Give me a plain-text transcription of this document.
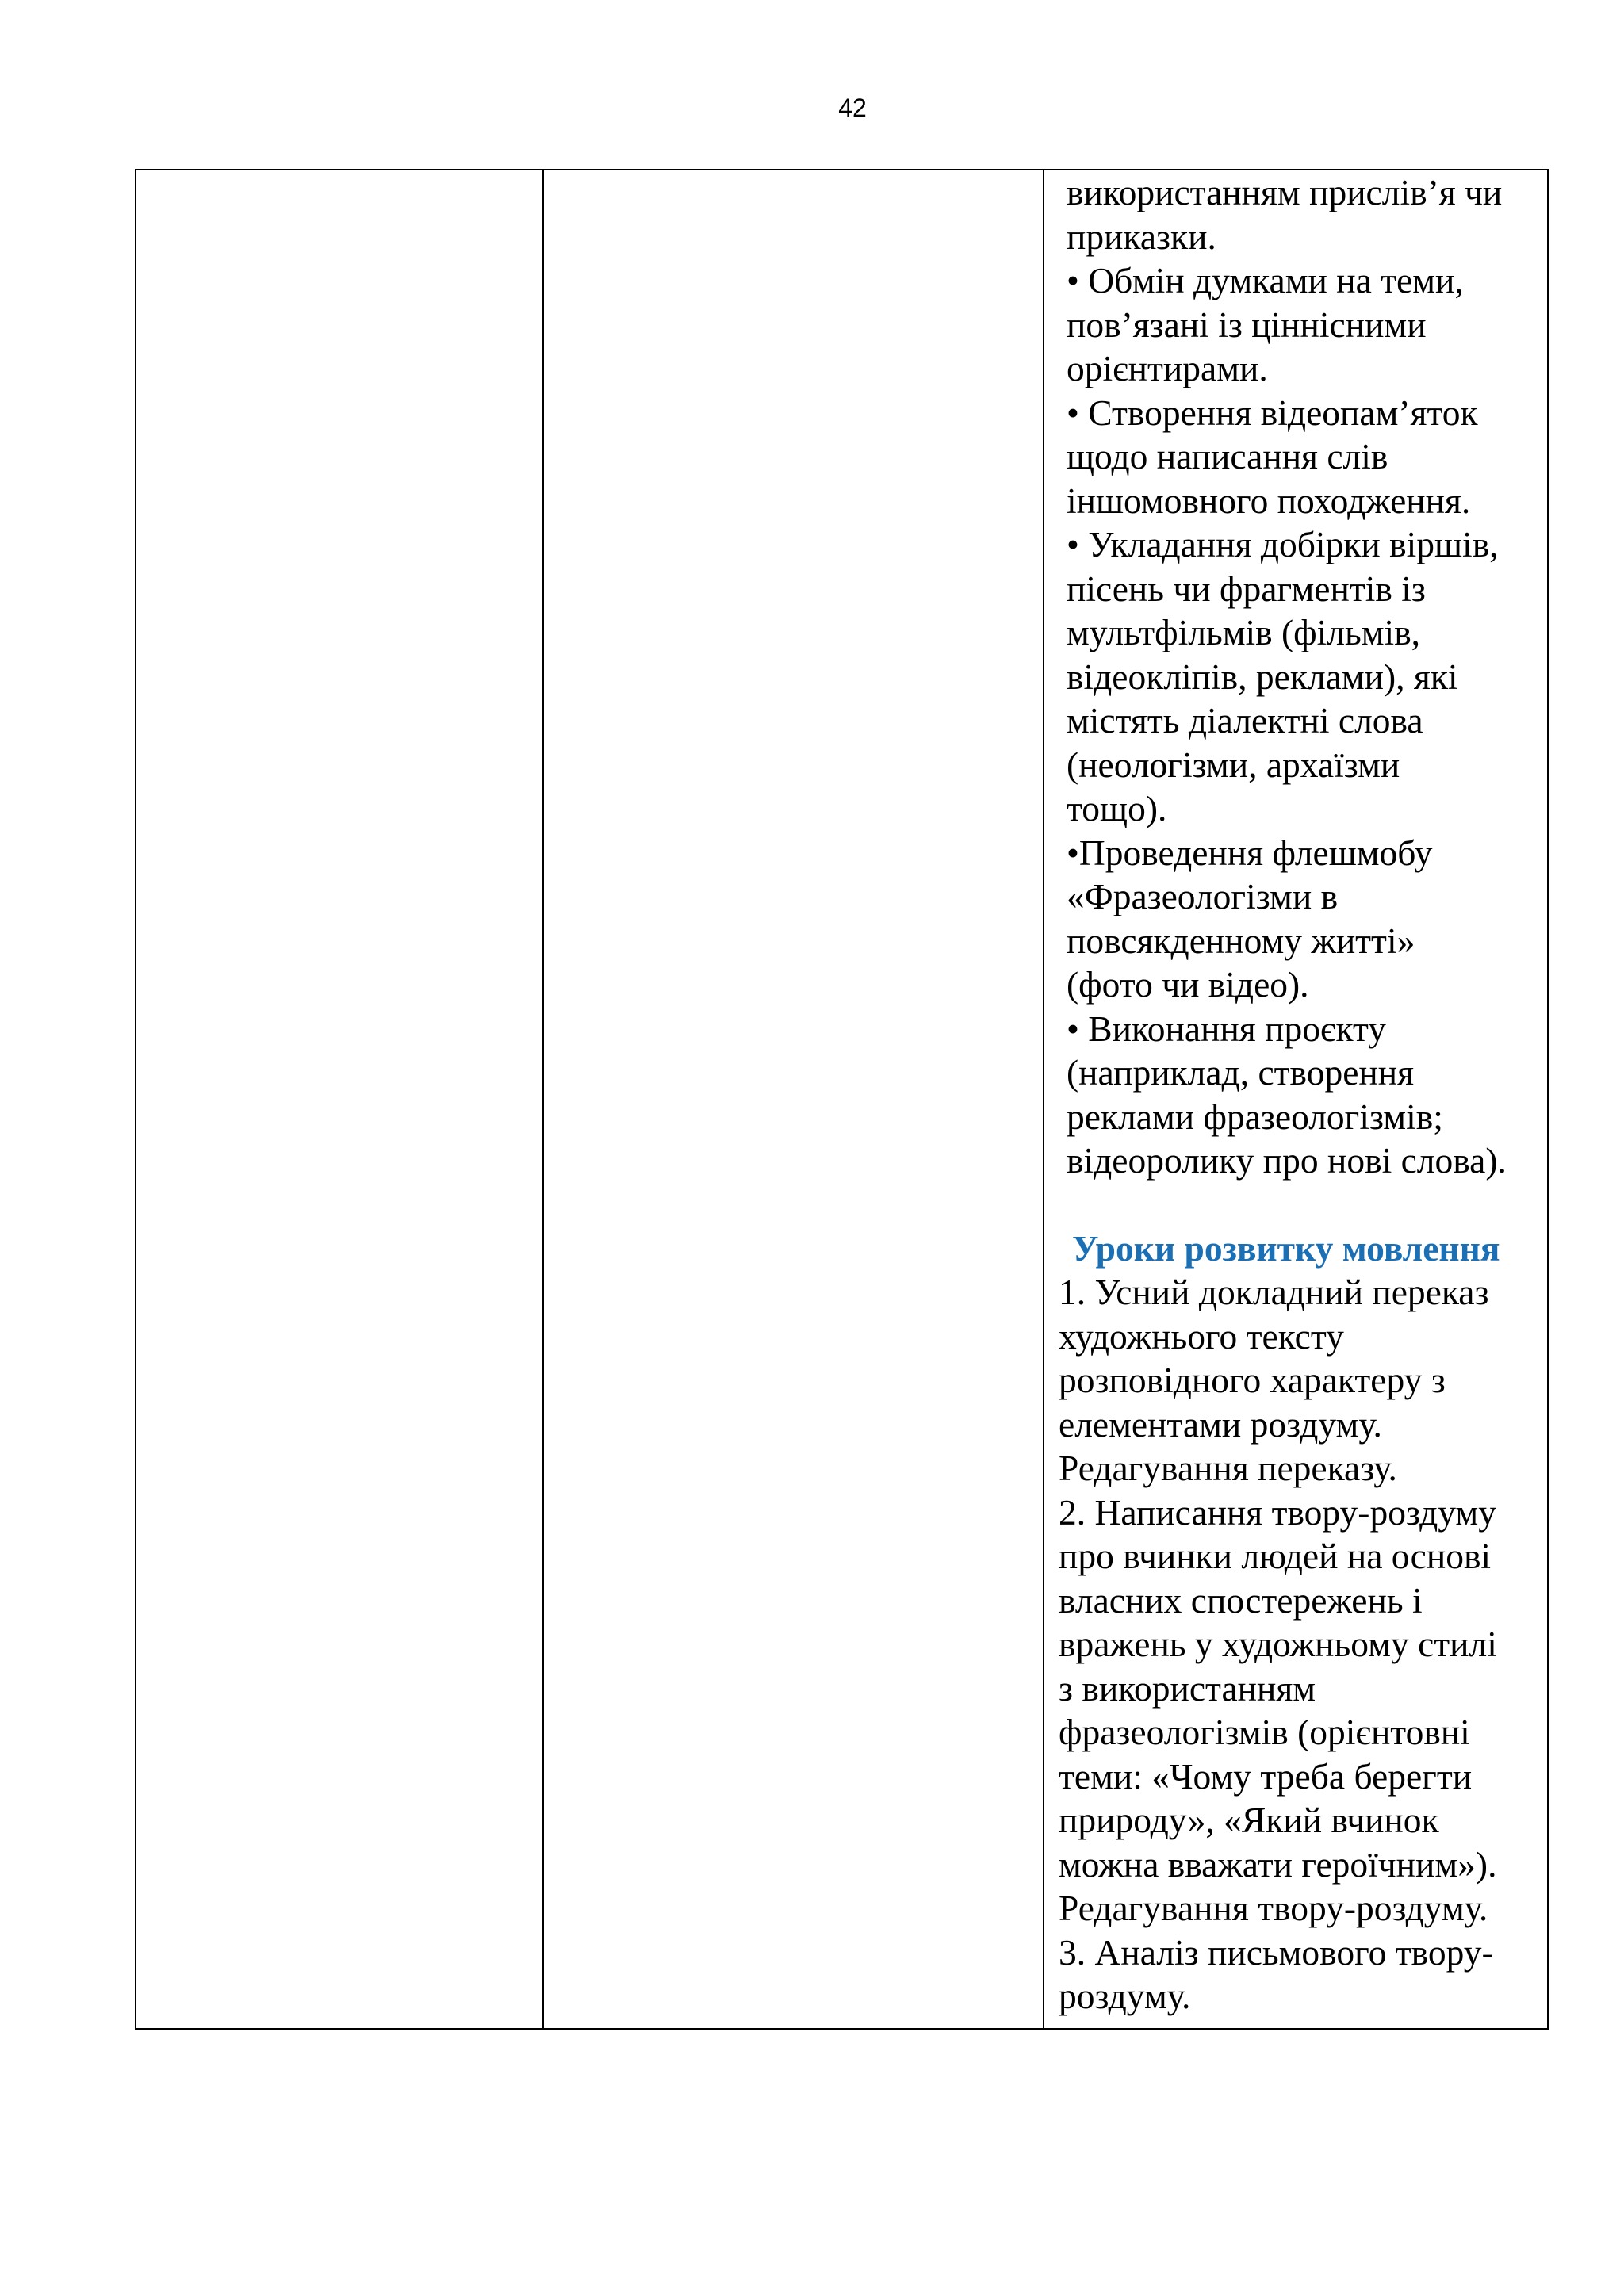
42

використанням прислів’я чи
приказки.
• Обмін думками на теми,
пов’язані із ціннісними
орієнтирами.
• Створення відеопам’яток
щодо написання слів
іншомовного походження.
• Укладання добірки віршів,
пісень чи фрагментів із
мультфільмів (фільмів,
відеокліпів, реклами), які
містять діалектні слова
(неологізми, архаїзми
тощо).
•Проведення флешмобу
«Фразеологізми в
повсякденному житті»
(фото чи відео).
• Виконання проєкту
(наприклад, створення
реклами фразеологізмів;
відеоролику про нові слова).
Уроки розвитку мовлення
1. Усний докладний переказ
художнього тексту
розповідного характеру з
елементами роздуму.
Редагування переказу.
2. Написання твору-роздуму
про вчинки людей на основі
власних спостережень і
вражень у художньому стилі
з використанням
фразеологізмів (орієнтовні
теми: «Чому треба берегти
природу», «Який вчинок
можна вважати героїчним»).
Редагування твору-роздуму.
3. Аналіз письмового твору-
роздуму.
